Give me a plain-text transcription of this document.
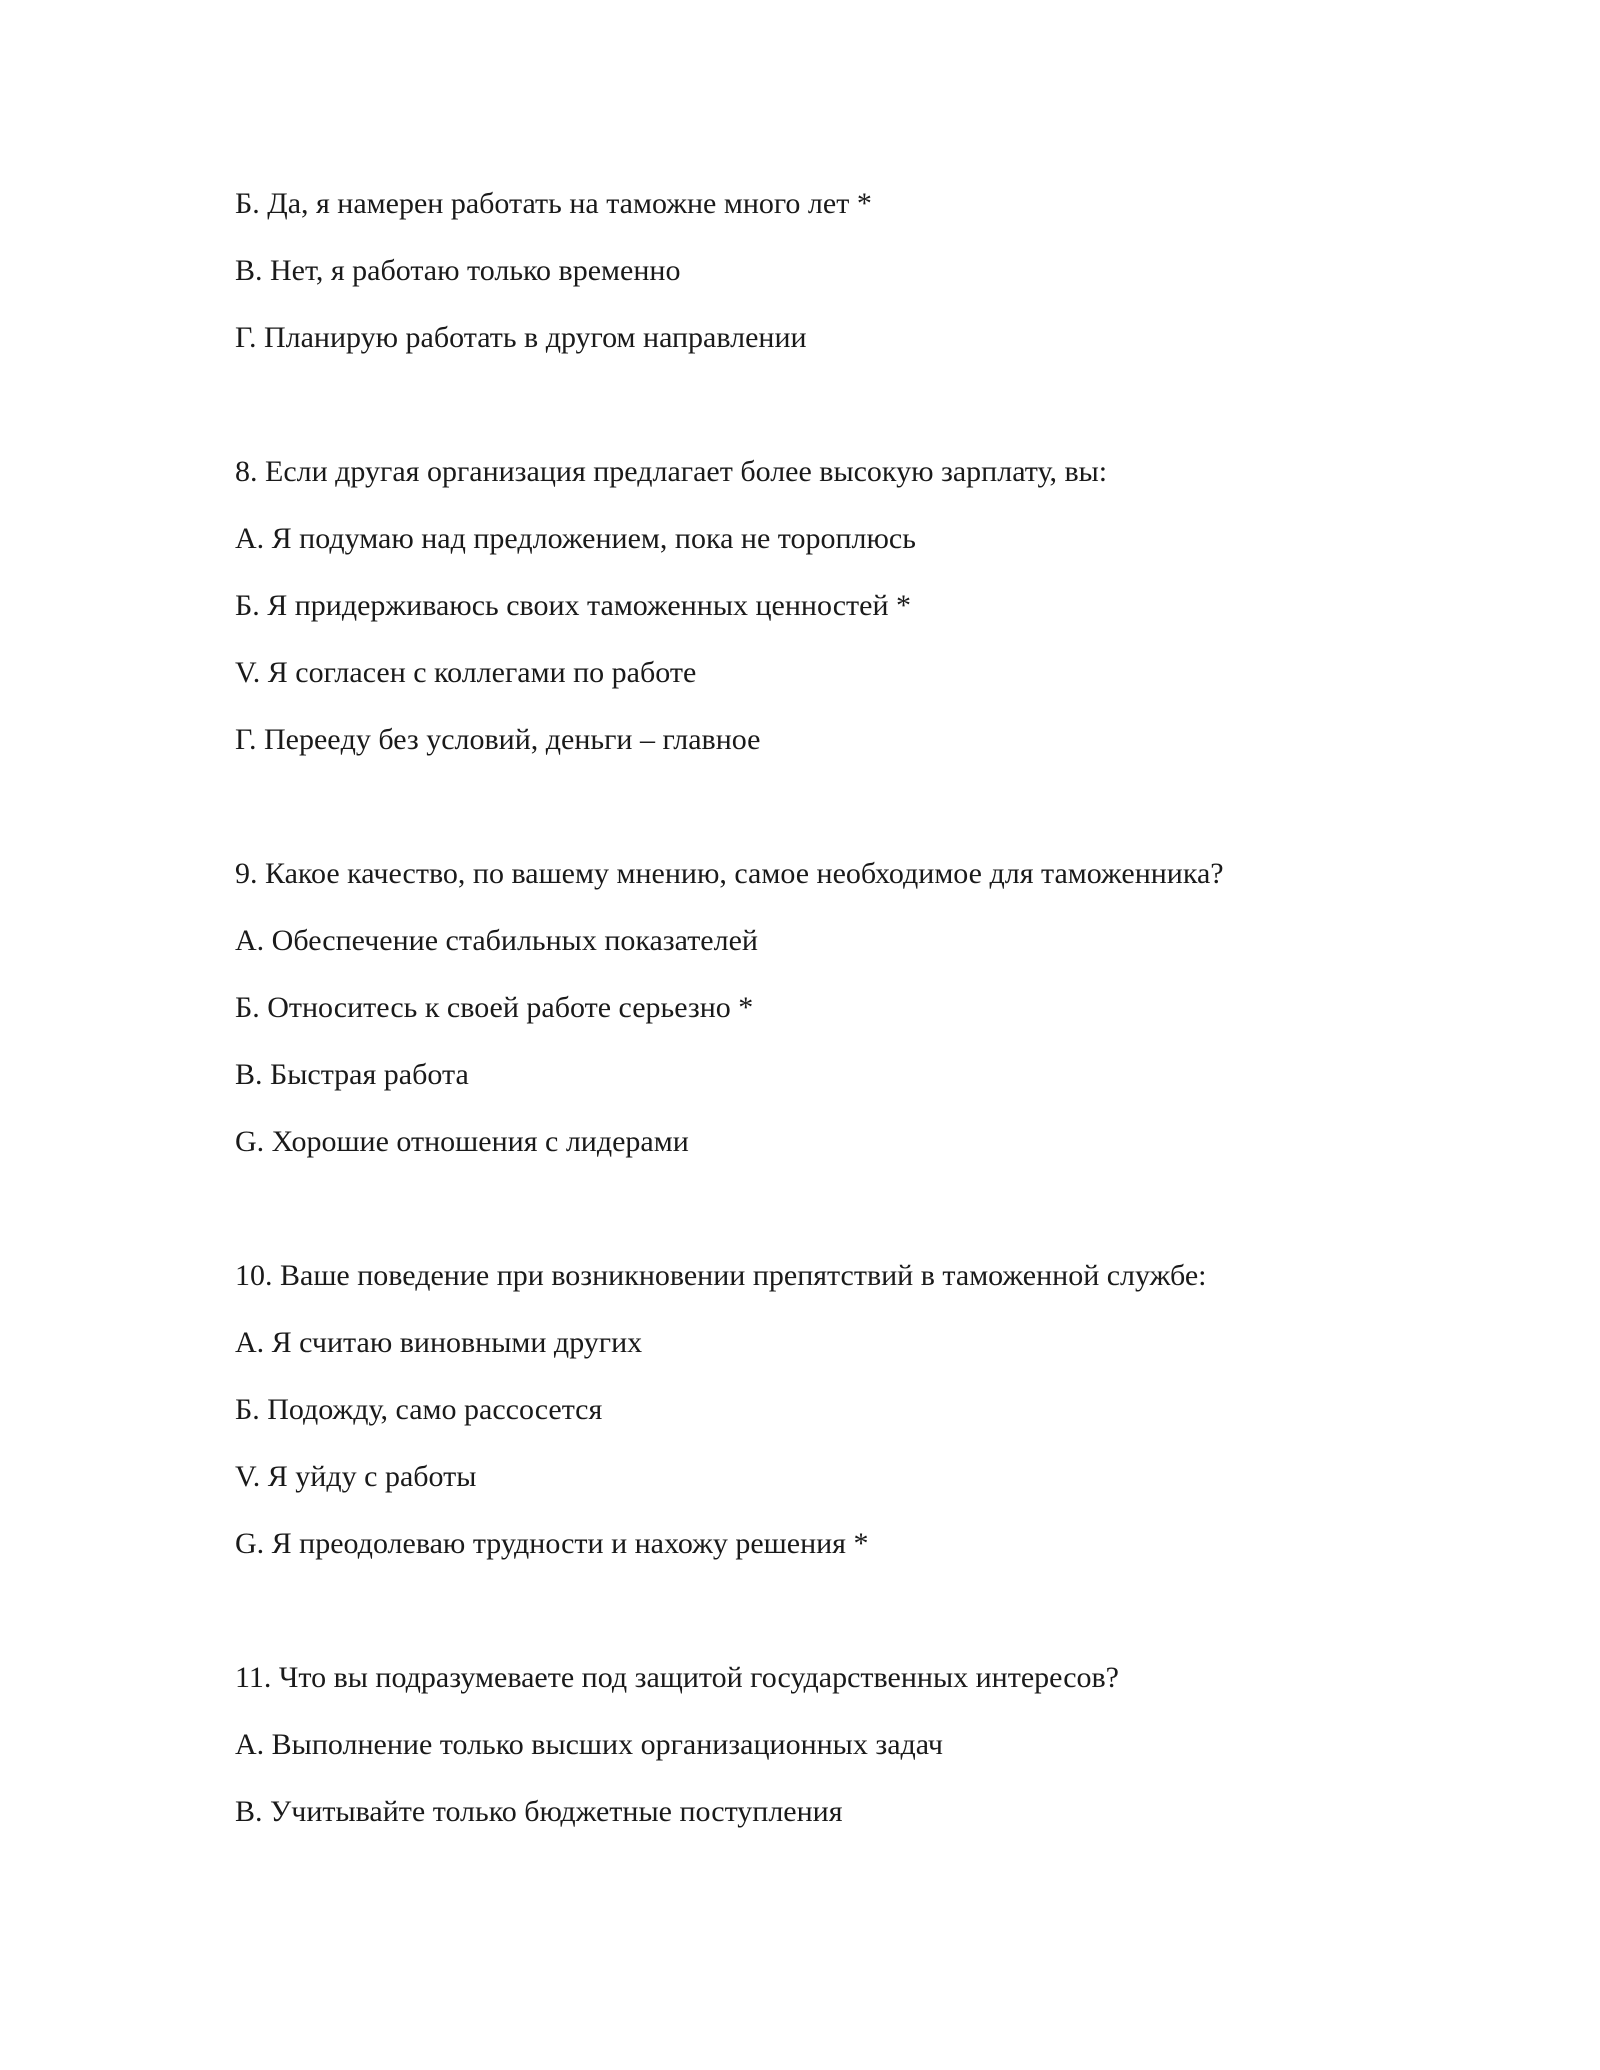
Б. Да, я намерен работать на таможне много лет *
В. Нет, я работаю только временно
Г. Планирую работать в другом направлении
8. Если другая организация предлагает более высокую зарплату, вы:
А. Я подумаю над предложением, пока не тороплюсь
Б. Я придерживаюсь своих таможенных ценностей *
V. Я согласен с коллегами по работе
Г. Переeду без условий, деньги – главное
9. Какое качество, по вашему мнению, самое необходимое для таможенника?
А. Обеспечение стабильных показателей
Б. Относитесь к своей работе серьезно *
В. Быстрая работа
G. Хорошие отношения с лидерами
10. Ваше поведение при возникновении препятствий в таможенной службе:
А. Я считаю виновными других
Б. Подожду, само рассосется
V. Я уйду с работы
G. Я преодолеваю трудности и нахожу решения *
11. Что вы подразумеваете под защитой государственных интересов?
А. Выполнение только высших организационных задач
В. Учитывайте только бюджетные поступления
